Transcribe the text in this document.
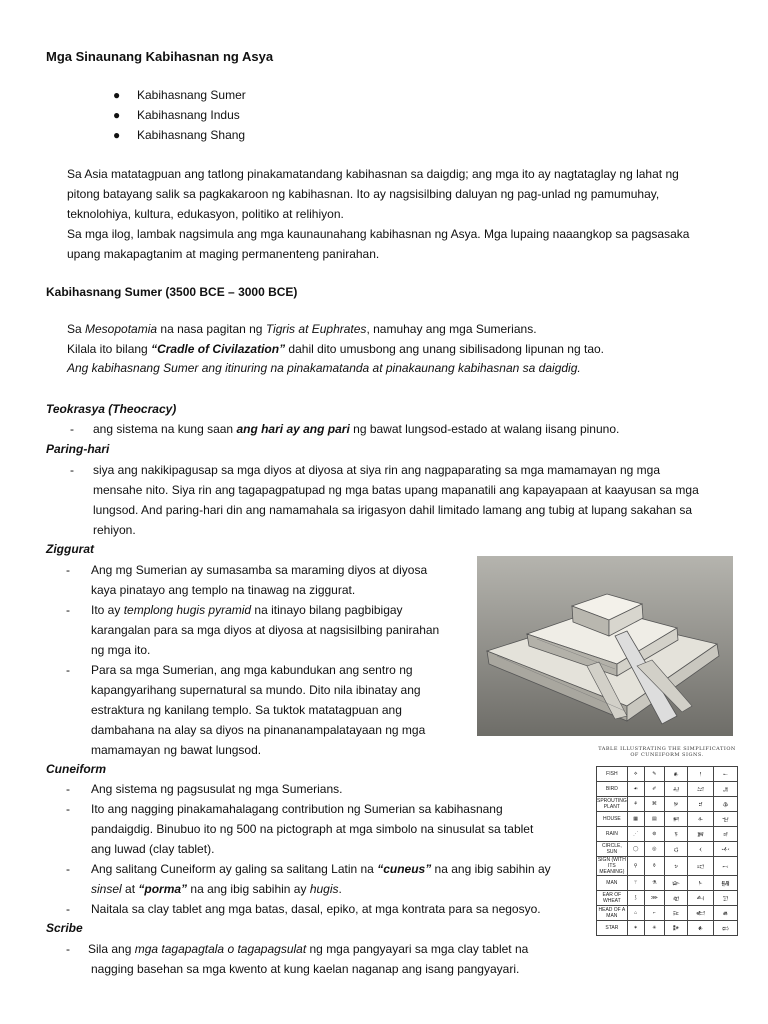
Mga Sinaunang Kabihasnan ng Asya
● Kabihasnang Sumer
● Kabihasnang Indus
● Kabihasnang Shang
Sa Asia matatagpuan ang tatlong pinakamatandang kabihasnan sa daigdig; ang mga ito ay nagtataglay ng lahat ng
pitong batayang salik sa pagkakaroon ng kabihasnan. Ito ay nagsisilbing daluyan ng pag-unlad ng pamumuhay,
teknolohiya, kultura, edukasyon, politiko at relihiyon.
Sa mga ilog, lambak nagsimula ang mga kaunaunahang kabihasnan ng Asya. Mga lupaing naaangkop sa pagsasaka
upang makapagtanim at maging permanenteng panirahan.
Kabihasnang Sumer (3500 BCE – 3000 BCE)
Sa Mesopotamia na nasa pagitan ng Tigris at Euphrates, namuhay ang mga Sumerians.
Kilala ito bilang “Cradle of Civilazation” dahil dito umusbong ang unang sibilisadong lipunan ng tao.
Ang kabihasnang Sumer ang itinuring na pinakamatanda at pinakaunang kabihasnan sa daigdig.
Teokrasya (Theocracy)
- ang sistema na kung saan ang hari ay ang pari ng bawat lungsod-estado at walang iisang pinuno.
Paring-hari
- siya ang nakikipagusap sa mga diyos at diyosa at siya rin ang nagpaparating sa mga mamamayan ng mga
mensahe nito. Siya rin ang tagapagpatupad ng mga batas upang mapanatili ang kapayapaan at kaayusan sa mga
lungsod. And paring-hari din ang namamahala sa irigasyon dahil limitado lamang ang tubig at lupang sakahan sa
rehiyon.
Ziggurat
- Ang mg Sumerian ay sumasamba sa maraming diyos at diyosa
kaya pinatayo ang templo na tinawag na ziggurat.
- Ito ay templong hugis pyramid na itinayo bilang pagbibigay
karangalan para sa mga diyos at diyosa at nagsisilbing panirahan
ng mga ito.
- Para sa mga Sumerian, ang mga kabundukan ang sentro ng
kapangyarihang supernatural sa mundo. Dito nila ibinatay ang
estraktura ng kanilang templo. Sa tuktok matatagpuan ang
dambahana na alay sa diyos na pinananampalatayaan ng mga
mamamayan ng bawat lungsod.	TABLE ILLUSTRATING THE SIMPLIFICATION
OF CUNEIFORM SIGNS.
FISH	⟡	✎	𒀭	𒁹	𒀸
BIRD	☙	✐	𒄷	𒁺	𒂗
SPROUTING PLANT	⚘	⌘	𒃻	𒄑	𒆠
HOUSE	▦	▤	𒂍	𒅆	𒈠
RAIN	⋰	⊚	𒀀	𒀉	𒁀
CIRCLE, SUN	◯	◎	𒌓	𒌋	𒋾
SIGN (WITH ITS MEANING)	⚲	⚱	𒆳	𒀊	𒁁
MAN	⚚	⚗	𒇽	𒈨	𒉆
EAR OF WHEAT	⟆	⋙	𒊏	𒋀	𒋛
HEAD OF A MAN	⌂	⌐	𒄿	𒅗	𒌑
STAR	✶	✳	𒀯	𒀭	𒆗
Cuneiform
- Ang sistema ng pagsusulat ng mga Sumerians.
- Ito ang nagging pinakamahalagang contribution ng Sumerian sa kabihasnang
pandaigdig. Binubuo ito ng 500 na pictograph at mga simbolo na sinusulat sa tablet
ang luwad (clay tablet).
- Ang salitang Cuneiform ay galing sa salitang Latin na “cuneus” na ang ibig sabihin ay
sinsel at “porma” na ang ibig sabihin ay hugis.
- Naitala sa clay tablet ang mga batas, dasal, epiko, at mga kontrata para sa negosyo.
Scribe
- Sila ang mga tagapagtala o tagapagsulat ng mga pangyayari sa mga clay tablet na
nagging basehan sa mga kwento at kung kaelan naganap ang isang pangyayari.
